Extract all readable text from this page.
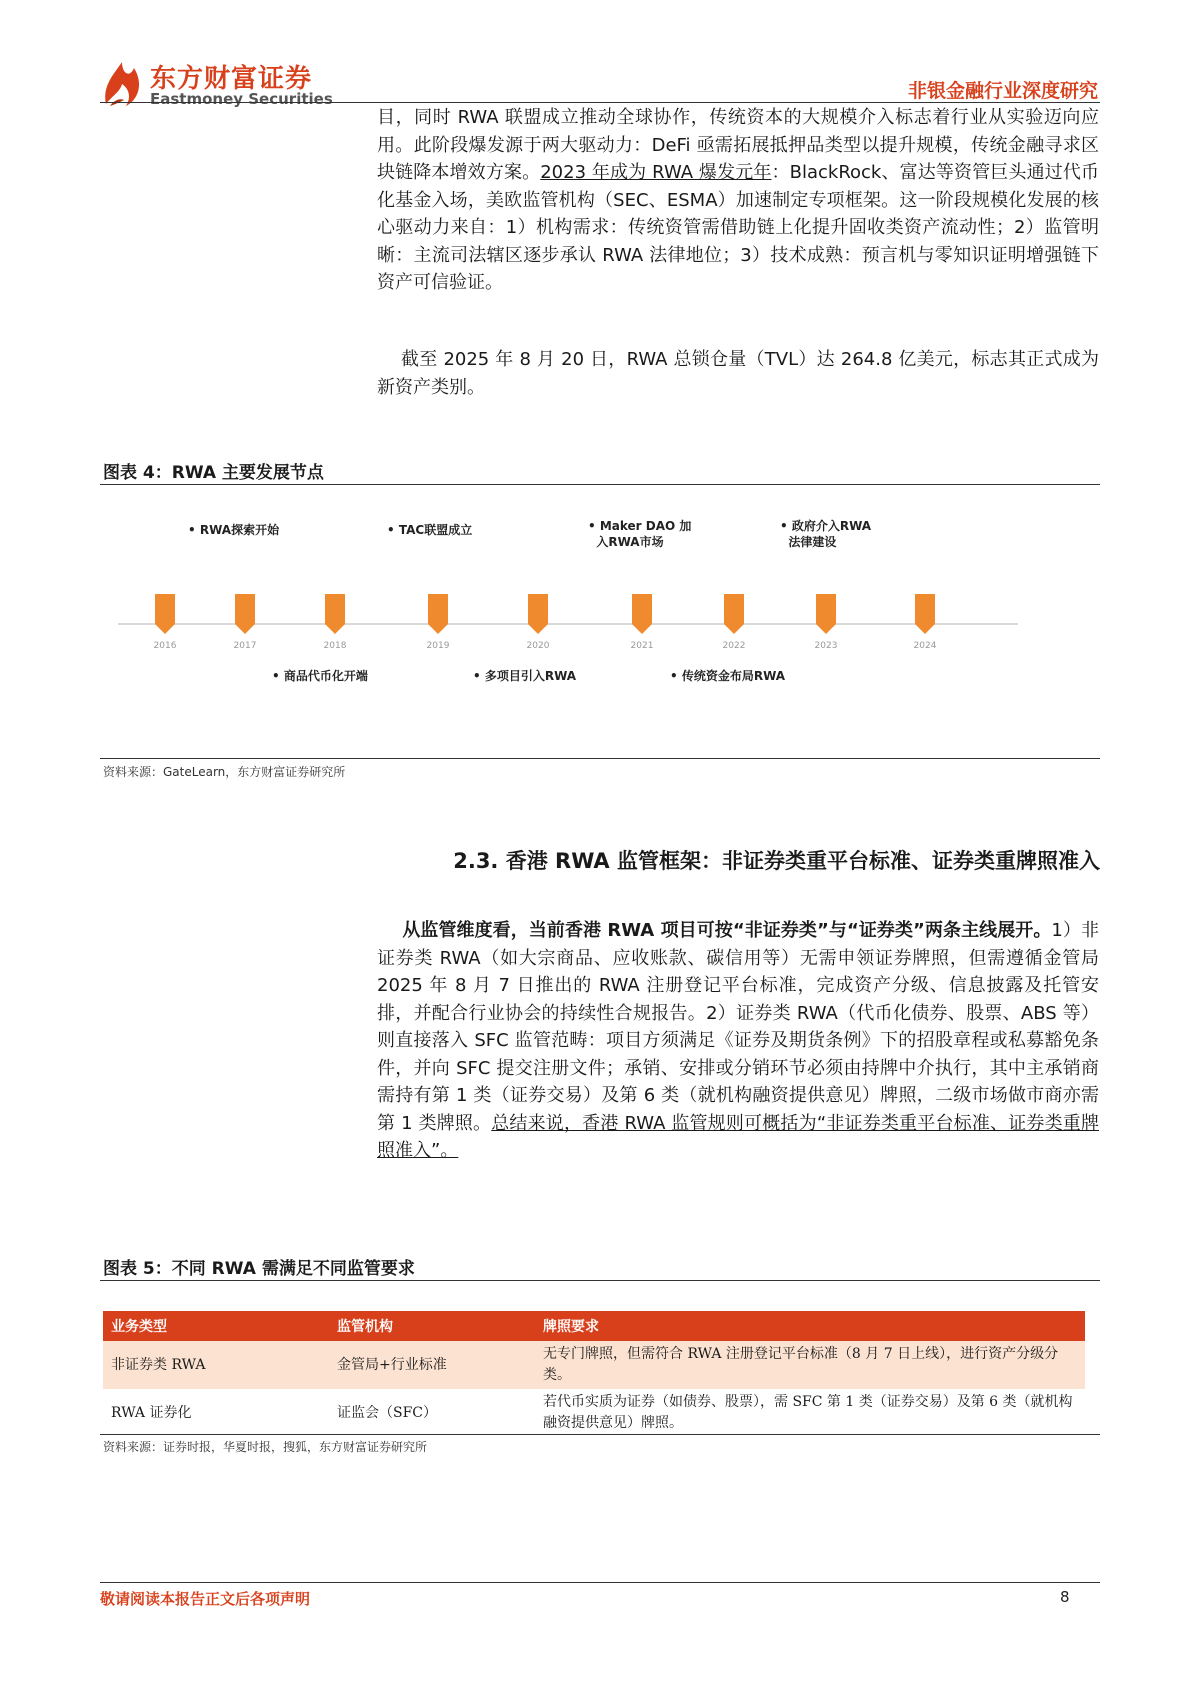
东方财富证券
Eastmoney Securities	非银金融行业深度研究
目，同时 RWA 联盟成立推动全球协作，传统资本的大规模介入标志着行业从实验迈向应用。此阶段爆发源于两大驱动力：DeFi 亟需拓展抵押品类型以提升规模，传统金融寻求区块链降本增效方案。2023 年成为 RWA 爆发元年：BlackRock、富达等资管巨头通过代币化基金入场，美欧监管机构（SEC、ESMA）加速制定专项框架。这一阶段规模化发展的核心驱动力来自：1）机构需求：传统资管需借助链上化提升固收类资产流动性；2）监管明晰：主流司法辖区逐步承认 RWA 法律地位；3）技术成熟：预言机与零知识证明增强链下资产可信验证。
截至 2025 年 8 月 20 日，RWA 总锁仓量（TVL）达 264.8 亿美元，标志其正式成为新资产类别。
图表 4：RWA 主要发展节点
2016	2017	2018	2019	2020	2021	2022	2023	2024
• RWA探索开始	• TAC联盟成立	• Maker DAO 加
入RWA市场
• 政府介入RWA
法律建设
• 商品代币化开端	• 多项目引入RWA	• 传统资金布局RWA
资料来源：GateLearn，东方财富证券研究所
2.3. 香港 RWA 监管框架：非证券类重平台标准、证券类重牌照准入
从监管维度看，当前香港 RWA 项目可按“非证券类”与“证券类”两条主线展开。1）非证券类 RWA（如大宗商品、应收账款、碳信用等）无需申领证券牌照，但需遵循金管局 2025 年 8 月 7 日推出的 RWA 注册登记平台标准，完成资产分级、信息披露及托管安排，并配合行业协会的持续性合规报告。2）证券类 RWA（代币化债券、股票、ABS 等）则直接落入 SFC 监管范畴：项目方须满足《证券及期货条例》下的招股章程或私募豁免条件，并向 SFC 提交注册文件；承销、安排或分销环节必须由持牌中介执行，其中主承销商需持有第 1 类（证券交易）及第 6 类（就机构融资提供意见）牌照，二级市场做市商亦需第 1 类牌照。总结来说，香港 RWA 监管规则可概括为“非证券类重平台标准、证券类重牌照准入”。
图表 5：不同 RWA 需满足不同监管要求
业务类型	监管机构	牌照要求
非证券类 RWA	金管局+行业标准	无专门牌照，但需符合 RWA 注册登记平台标准（8 月 7 日上线），进行资产分级分类。
RWA 证券化	证监会（SFC）	若代币实质为证券（如债券、股票），需 SFC 第 1 类（证券交易）及第 6 类（就机构融资提供意见）牌照。
资料来源：证券时报，华夏时报，搜狐，东方财富证券研究所
敬请阅读本报告正文后各项声明	8
